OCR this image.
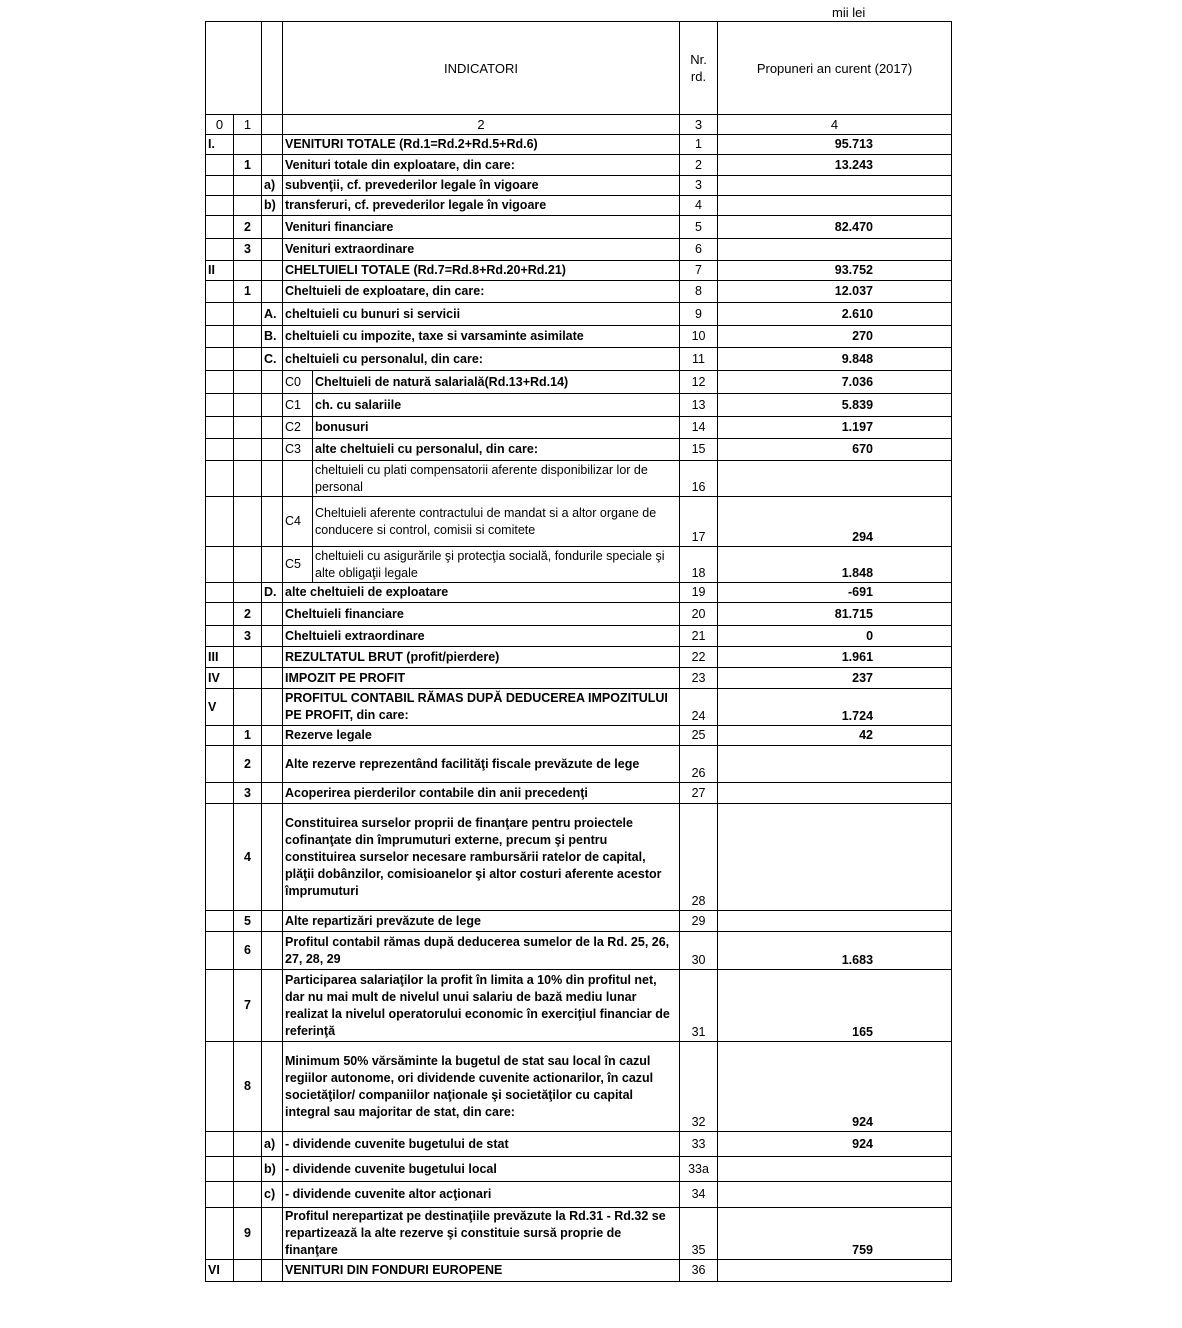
mii lei
			INDICATORI		Nr. rd.	Propuneri an curent (2017)
0	1		2		3	4
I.			VENITURI TOTALE (Rd.1=Rd.2+Rd.5+Rd.6)		1	95.713
	1		Venituri totale din exploatare, din care:		2	13.243
		a)	subvenţii, cf. prevederilor legale în vigoare		3	
		b)	transferuri, cf. prevederilor legale în vigoare		4	
	2		Venituri financiare		5	82.470
	3		Venituri extraordinare		6	
II			CHELTUIELI TOTALE (Rd.7=Rd.8+Rd.20+Rd.21)		7	93.752
	1		Cheltuieli de exploatare, din care:		8	12.037
		A.	cheltuieli cu bunuri si servicii		9	2.610
		B.	cheltuieli cu impozite, taxe si varsaminte asimilate		10	270
		C.	cheltuieli cu personalul, din care:		11	9.848
			C0	Cheltuieli de natură salarială(Rd.13+Rd.14)	12	7.036
			C1	ch. cu salariile	13	5.839
			C2	bonusuri	14	1.197
			C3	alte cheltuieli cu personalul, din care:	15	670
				cheltuieli cu plati compensatorii aferente disponibilizar lor de personal	16	
			C4	Cheltuieli aferente contractului de mandat si a altor organe de conducere si control, comisii si comitete	17	294
			C5	cheltuieli cu asigurările şi protecţia socială, fondurile speciale şi alte obligaţii legale	18	1.848
		D.	alte cheltuieli de exploatare		19	-691
	2		Cheltuieli financiare		20	81.715
	3		Cheltuieli extraordinare		21	0
III			REZULTATUL BRUT (profit/pierdere)		22	1.961
IV			IMPOZIT PE PROFIT		23	237
V			PROFITUL CONTABIL RĂMAS DUPĂ DEDUCEREA IMPOZITULUI PE PROFIT, din care:		24	1.724
	1		Rezerve legale		25	42
	2		Alte rezerve reprezentând facilităţi fiscale prevăzute de lege		26	
	3		Acoperirea pierderilor contabile din anii precedenţi		27	
	4		Constituirea surselor proprii de finanţare pentru proiectele cofinanţate din împrumuturi externe, precum şi pentru constituirea surselor necesare rambursării ratelor de capital, plăţii dobânzilor, comisioanelor şi altor costuri aferente acestor împrumuturi		28	
	5		Alte repartizări prevăzute de lege		29	
	6		Profitul contabil rămas după deducerea sumelor de la Rd. 25, 26, 27, 28, 29		30	1.683
	7		Participarea salariaţilor la profit în limita a 10% din profitul net, dar nu mai mult de nivelul unui salariu de bază mediu lunar realizat la nivelul operatorului economic în exerciţiul financiar de referinţă		31	165
	8		Minimum 50% vărsăminte la bugetul de stat sau local în cazul regiilor autonome, ori dividende cuvenite actionarilor, în cazul societăţilor/ companiilor naţionale şi societăţilor cu capital integral sau majoritar de stat, din care:		32	924
		a)	- dividende cuvenite bugetului de stat		33	924
		b)	- dividende cuvenite bugetului local		33a	
		c)	- dividende cuvenite altor acţionari		34	
	9		Profitul nerepartizat pe destinaţiile prevăzute la Rd.31 - Rd.32 se repartizează la alte rezerve şi constituie sursă proprie de finanţare		35	759
VI			VENITURI DIN FONDURI EUROPENE		36	
